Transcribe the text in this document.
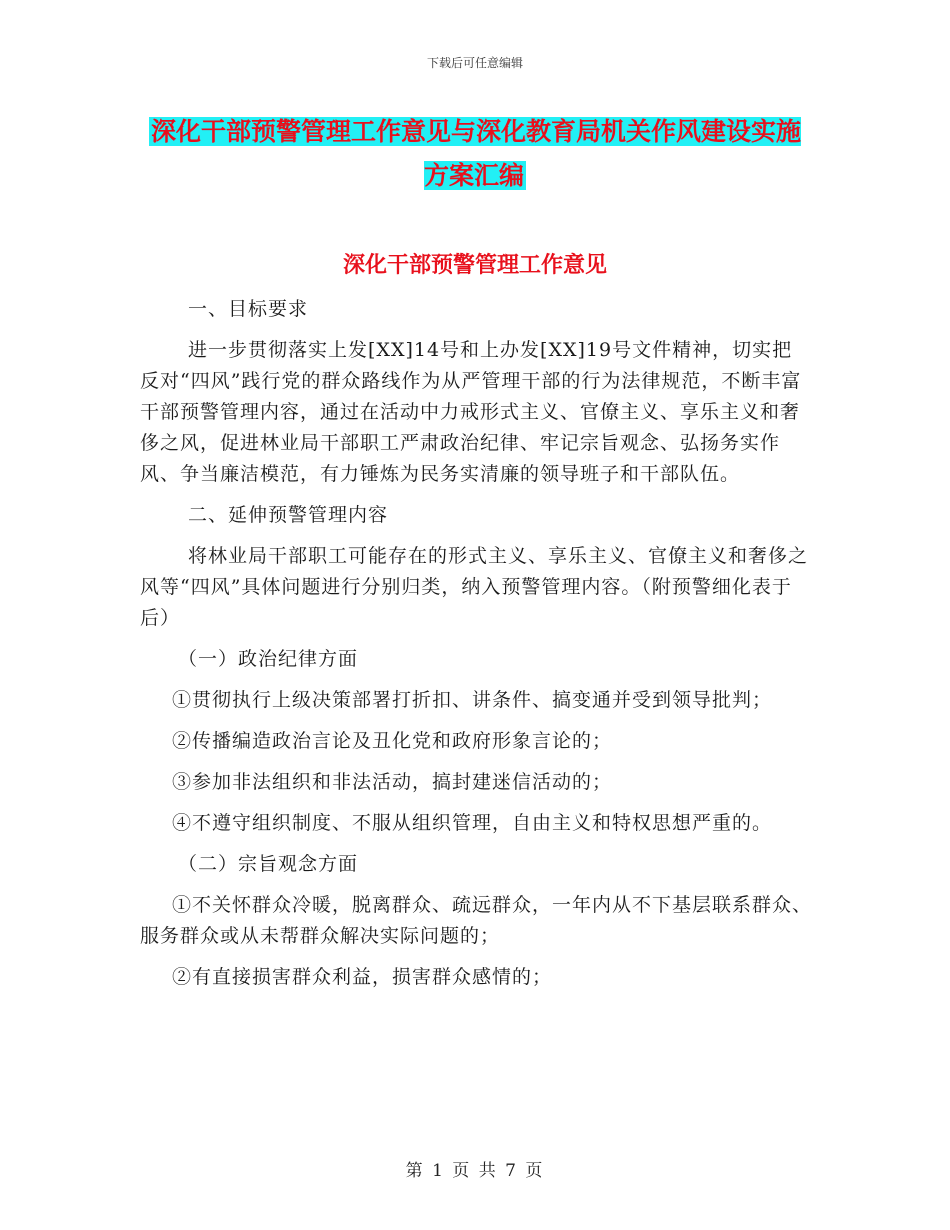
下载后可任意编辑
深化干部预警管理工作意见与深化教育局机关作风建设实施方案汇编
深化干部预警管理工作意见

一、目标要求

进一步贯彻落实上发[XX]14号和上办发[XX]19号文件精神，切实把反对“四风”践行党的群众路线作为从严管理干部的行为法律规范，不断丰富干部预警管理内容，通过在活动中力戒形式主义、官僚主义、享乐主义和奢侈之风，促进林业局干部职工严肃政治纪律、牢记宗旨观念、弘扬务实作风、争当廉洁模范，有力锤炼为民务实清廉的领导班子和干部队伍。

二、延伸预警管理内容

将林业局干部职工可能存在的形式主义、享乐主义、官僚主义和奢侈之风等“四风”具体问题进行分别归类，纳入预警管理内容。（附预警细化表于后）

（一）政治纪律方面

①贯彻执行上级决策部署打折扣、讲条件、搞变通并受到领导批判；

②传播编造政治言论及丑化党和政府形象言论的；

③参加非法组织和非法活动，搞封建迷信活动的；

④不遵守组织制度、不服从组织管理，自由主义和特权思想严重的。

（二）宗旨观念方面

①不关怀群众冷暖，脱离群众、疏远群众，一年内从不下基层联系群众、服务群众或从未帮群众解决实际问题的；

②有直接损害群众利益，损害群众感情的；

第 1 页 共 7 页
